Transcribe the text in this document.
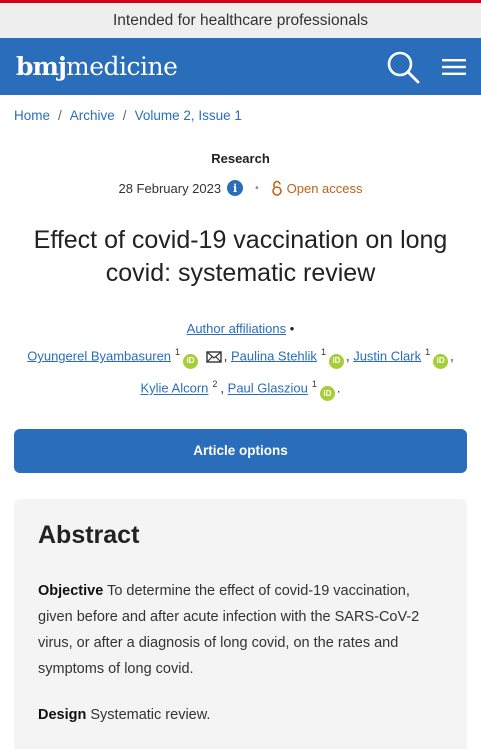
Intended for healthcare professionals
bmjmedicine
Home / Archive / Volume 2, Issue 1
Research
28 February 2023	i	• Open access
Effect of covid-19 vaccination on long covid: systematic review
Author affiliations •
Oyungerel Byambasuren $^1$iD , Paulina Stehlik $^1$iD , Justin Clark $^1$iD ,
Kylie Alcorn $^2$ , Paul Glasziou $^1$iD .
Article options
Abstract

Objective To determine the effect of covid-19 vaccination, given before and after acute infection with the SARS-CoV-2 virus, or after a diagnosis of long covid, on the rates and symptoms of long covid.

Design Systematic review.
